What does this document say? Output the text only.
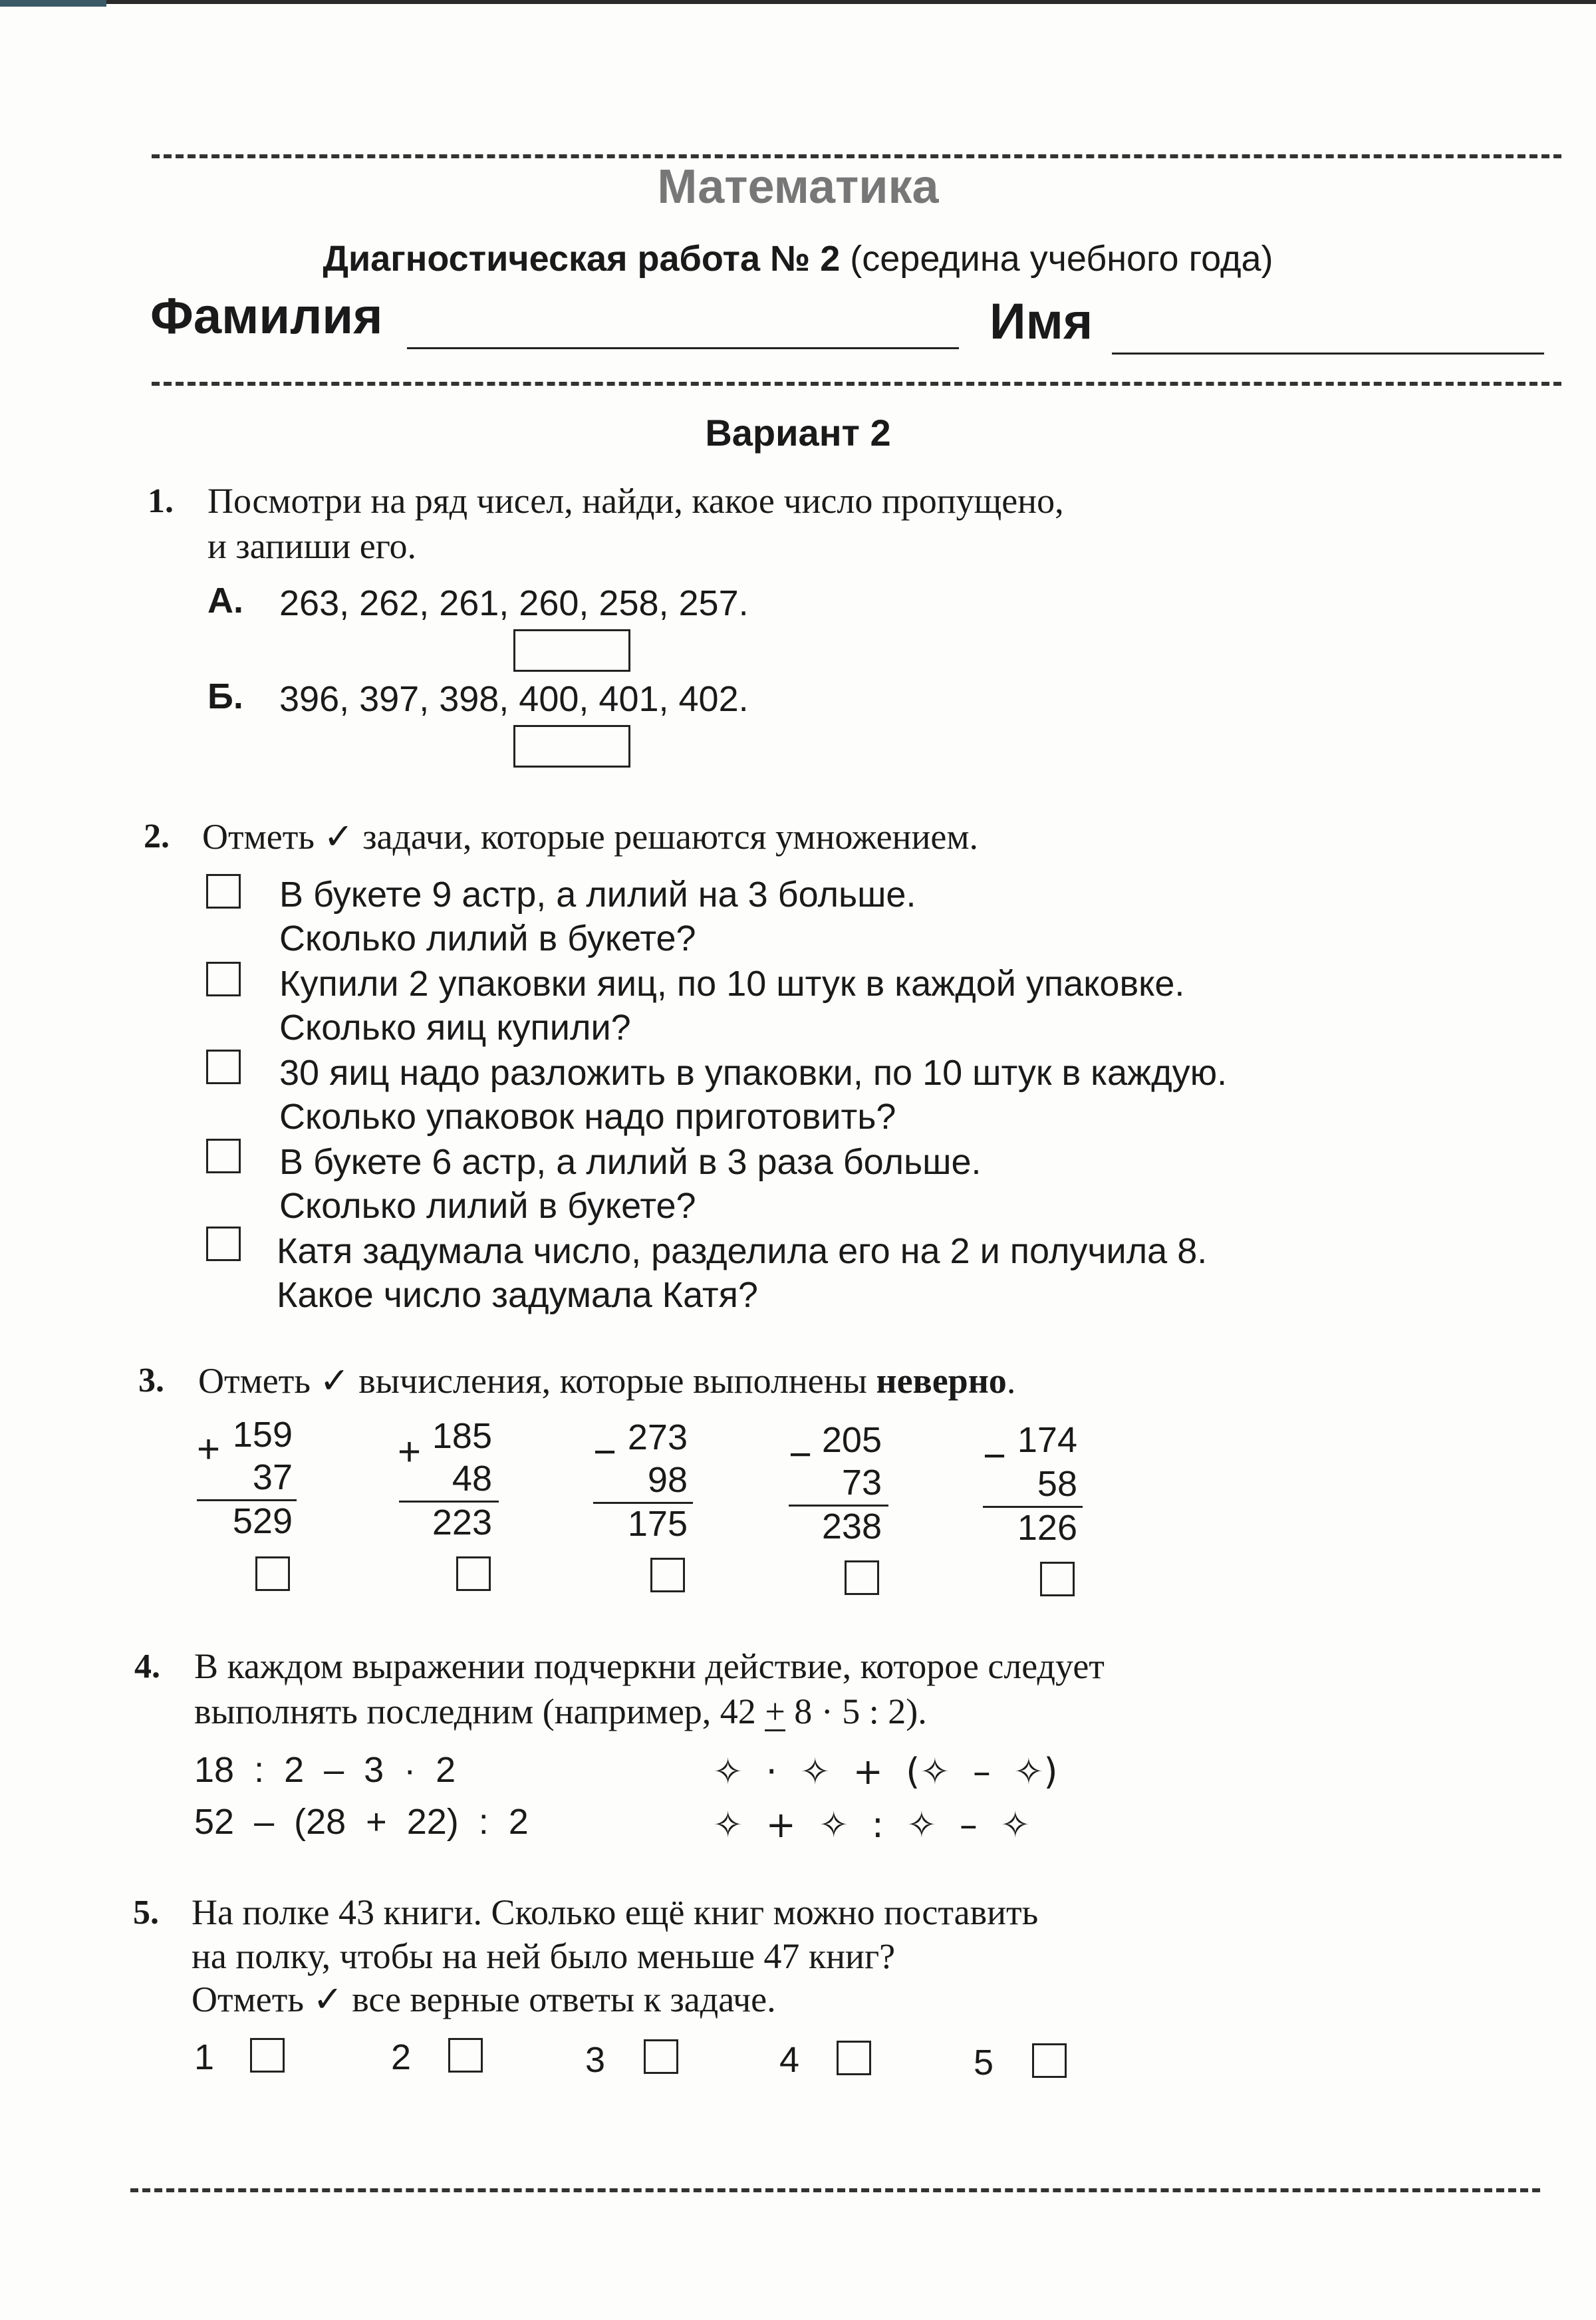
Математика
Диагностическая работа № 2 (середина учебного года)
Фамилия	Имя
Вариант 2
1. Посмотри на ряд чисел, найди, какое число пропущено,
и запиши его.
А. 263, 262, 261, 260, 258, 257.
Б. 396, 397, 398, 400, 401, 402.
2. Отметь ✓ задачи, которые решаются умножением.
В букете 9 астр, а лилий на 3 больше.
Сколько лилий в букете?
Купили 2 упаковки яиц, по 10 штук в каждой упаковке.
Сколько яиц купили?
30 яиц надо разложить в упаковки, по 10 штук в каждую.
Сколько упаковок надо приготовить?
В букете 6 астр, а лилий в 3 раза больше.
Сколько лилий в букете?
Катя задумала число, разделила его на 2 и получила 8.
Какое число задумала Катя?
3. Отметь ✓ вычисления, которые выполнены неверно.
+ 159
37
529
+ 185
48
223
− 273
98
175
− 205
73
238
− 174
58
126
4. В каждом выражении подчеркни действие, которое следует
выполнять последним (например, 42 + 8 · 5 : 2).
18  :  2  –  3  ·  2
52  –  (28  +  22)  :  2
✧  ·  ✧  +  (✧  –  ✧)
✧  +  ✧  :  ✧  –  ✧
5. На полке 43 книги. Сколько ещё книг можно поставить
на полку, чтобы на ней было меньше 47 книг?
Отметь ✓ все верные ответы к задаче.
1	2	3	4	5
